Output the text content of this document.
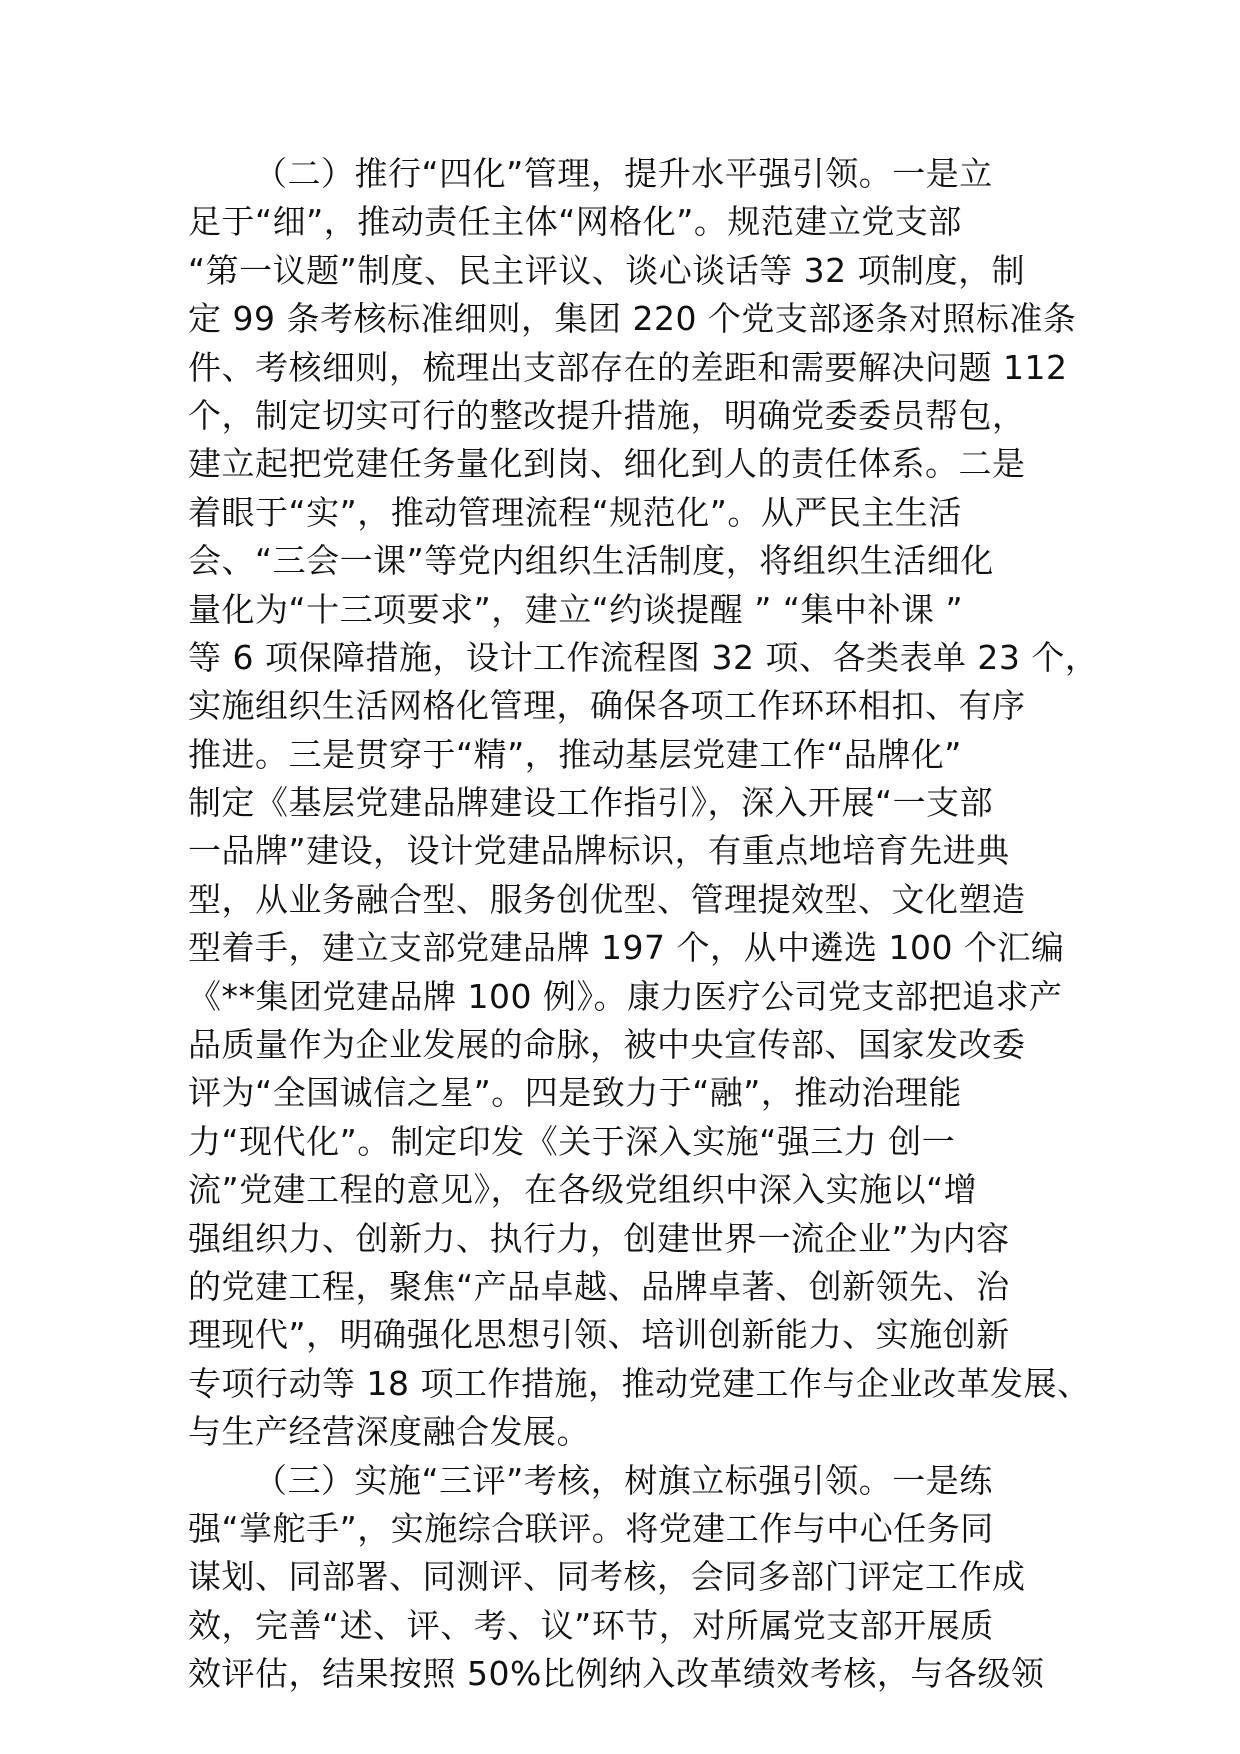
（二）推行“四化”管理，提升水平强引领。一是立
足于“细”，推动责任主体“网格化”。规范建立党支部
“第一议题”制度、民主评议、谈心谈话等 32 项制度，制
定 99 条考核标准细则，集团 220 个党支部逐条对照标准条
件、考核细则，梳理出支部存在的差距和需要解决问题 112
个，制定切实可行的整改提升措施，明确党委委员帮包，
建立起把党建任务量化到岗、细化到人的责任体系。二是
着眼于“实”，推动管理流程“规范化”。从严民主生活
会、“三会一课”等党内组织生活制度，将组织生活细化
量化为“十三项要求”，建立“约谈提醒 ” “集中补课 ”
等 6 项保障措施，设计工作流程图 32 项、各类表单 23 个，
实施组织生活网格化管理，确保各项工作环环相扣、有序
推进。三是贯穿于“精”，推动基层党建工作“品牌化”
制定《基层党建品牌建设工作指引》，深入开展“一支部
一品牌”建设，设计党建品牌标识，有重点地培育先进典
型，从业务融合型、服务创优型、管理提效型、文化塑造
型着手，建立支部党建品牌 197 个，从中遴选 100 个汇编
《**集团党建品牌 100 例》。康力医疗公司党支部把追求产
品质量作为企业发展的命脉，被中央宣传部、国家发改委
评为“全国诚信之星”。四是致力于“融”，推动治理能
力“现代化”。制定印发《关于深入实施“强三力 创一
流”党建工程的意见》，在各级党组织中深入实施以“增
强组织力、创新力、执行力，创建世界一流企业”为内容
的党建工程，聚焦“产品卓越、品牌卓著、创新领先、治
理现代”，明确强化思想引领、培训创新能力、实施创新
专项行动等 18 项工作措施，推动党建工作与企业改革发展、
与生产经营深度融合发展。
（三）实施“三评”考核，树旗立标强引领。一是练
强“掌舵手”，实施综合联评。将党建工作与中心任务同
谋划、同部署、同测评、同考核，会同多部门评定工作成
效，完善“述、评、考、议”环节，对所属党支部开展质
效评估，结果按照 50%比例纳入改革绩效考核，与各级领
